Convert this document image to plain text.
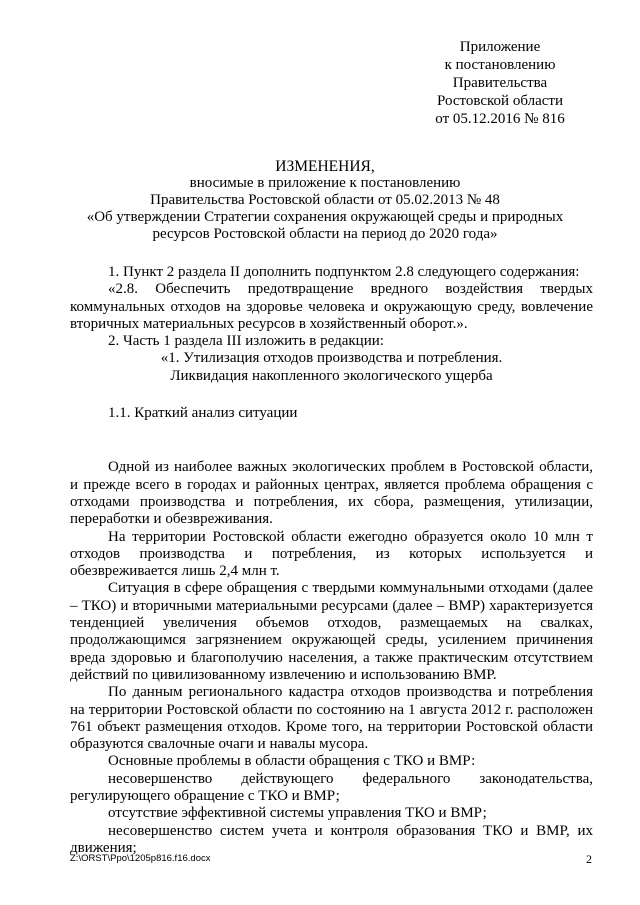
Приложение
к постановлению
Правительства
Ростовской области
от 05.12.2016 № 816
ИЗМЕНЕНИЯ,
вносимые в приложение к постановлению
Правительства Ростовской области от 05.02.2013 № 48
«Об утверждении Стратегии сохранения окружающей среды и природных
ресурсов Ростовской области на период до 2020 года»

1. Пункт 2 раздела II дополнить подпунктом 2.8 следующего содержания:

«2.8. Обеспечить предотвращение вредного воздействия твердых коммунальных отходов на здоровье человека и окружающую среду, вовлечение вторичных материальных ресурсов в хозяйственный оборот.».

2. Часть 1 раздела III изложить в редакции:

«1. Утилизация отходов производства и потребления.

Ликвидация накопленного экологического ущерба

1.1. Краткий анализ ситуации

Одной из наиболее важных экологических проблем в Ростовской области, и прежде всего в городах и районных центрах, является проблема обращения с отходами производства и потребления, их сбора, размещения, утилизации, переработки и обезвреживания.

На территории Ростовской области ежегодно образуется около 10 млн т отходов производства и потребления, из которых используется и обезвреживается лишь 2,4 млн т.

Ситуация в сфере обращения с твердыми коммунальными отходами (далее – ТКО) и вторичными материальными ресурсами (далее – ВМР) характеризуется тенденцией увеличения объемов отходов, размещаемых на свалках, продолжающимся загрязнением окружающей среды, усилением причинения вреда здоровью и благополучию населения, а также практическим отсутствием действий по цивилизованному извлечению и использованию ВМР.

По данным регионального кадастра отходов производства и потребления на территории Ростовской области по состоянию на 1 августа 2012 г. расположен 761 объект размещения отходов. Кроме того, на территории Ростовской области образуются свалочные очаги и навалы мусора.

Основные проблемы в области обращения с ТКО и ВМР:

несовершенство действующего федерального законодательства, регулирующего обращение с ТКО и ВМР;

отсутствие эффективной системы управления ТКО и ВМР;

несовершенство систем учета и контроля образования ТКО и ВМР, их движения;

Z:\ORST\Ppo\1205p816.f16.docx	2
